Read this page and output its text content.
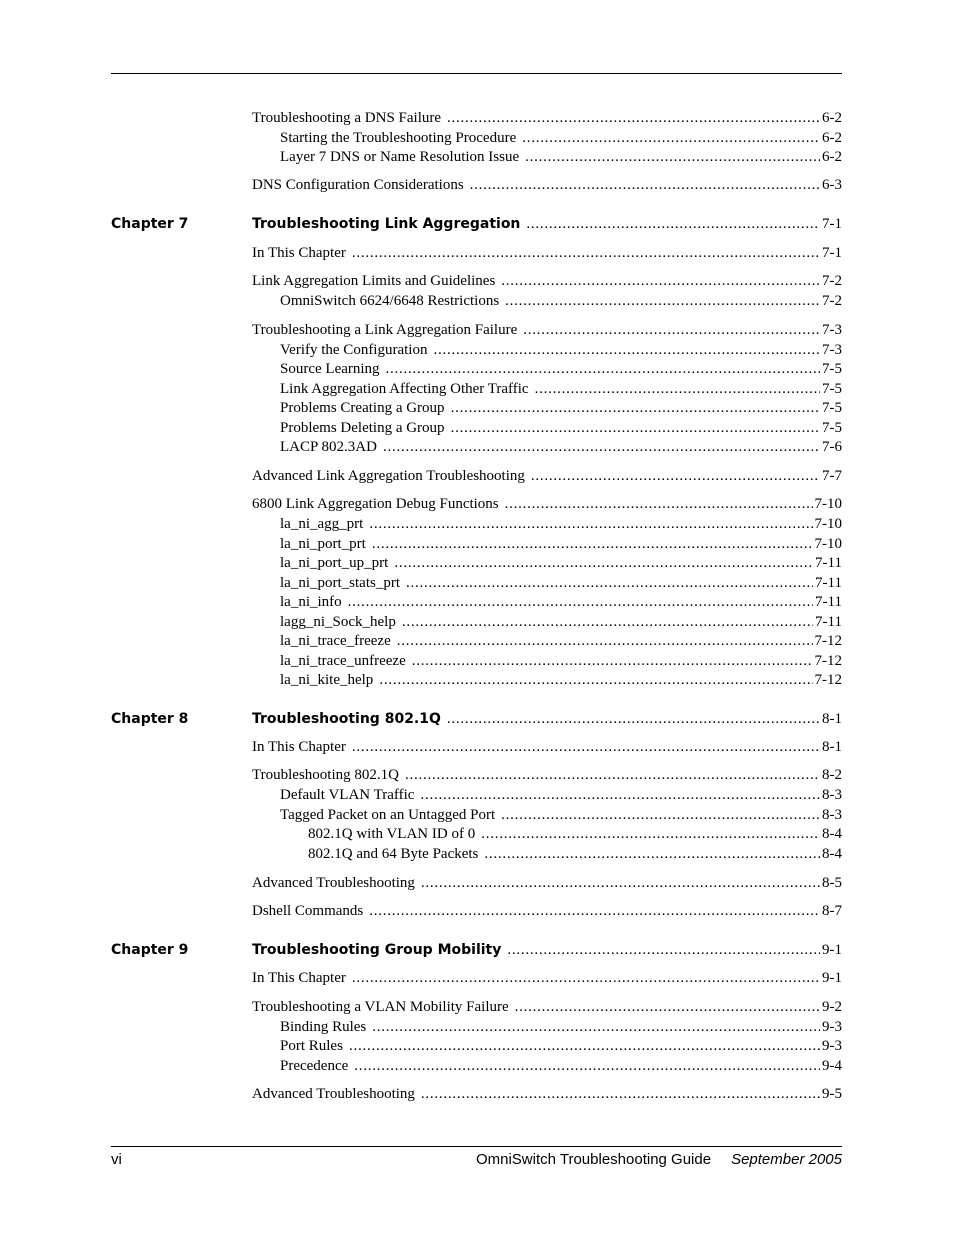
Troubleshooting a DNS Failure . . .	6-2
Starting the Troubleshooting Procedure . . .	6-2
Layer 7 DNS or Name Resolution Issue . . .	6-2
DNS Configuration Considerations . . .	6-3
Chapter 7	Troubleshooting Link Aggregation . . .	7-1
In This Chapter . . .	7-1
Link Aggregation Limits and Guidelines . . .	7-2
OmniSwitch 6624/6648 Restrictions . . .	7-2
Troubleshooting a Link Aggregation Failure . . .	7-3
Verify the Configuration . . .	7-3
Source Learning . . .	7-5
Link Aggregation Affecting Other Traffic . . .	7-5
Problems Creating a Group . . .	7-5
Problems Deleting a Group . . .	7-5
LACP 802.3AD . . .	7-6
Advanced Link Aggregation Troubleshooting . . .	7-7
6800 Link Aggregation Debug Functions . . .	7-10
la_ni_agg_prt . . .	7-10
la_ni_port_prt . . .	7-10
la_ni_port_up_prt . . .	7-11
la_ni_port_stats_prt . . .	7-11
la_ni_info . . .	7-11
lagg_ni_Sock_help . . .	7-11
la_ni_trace_freeze . . .	7-12
la_ni_trace_unfreeze . . .	7-12
la_ni_kite_help . . .	7-12
Chapter 8	Troubleshooting 802.1Q . . .	8-1
In This Chapter . . .	8-1
Troubleshooting 802.1Q . . .	8-2
Default VLAN Traffic . . .	8-3
Tagged Packet on an Untagged Port . . .	8-3
802.1Q with VLAN ID of 0 . . .	8-4
802.1Q and 64 Byte Packets . . .	8-4
Advanced Troubleshooting . . .	8-5
Dshell Commands . . .	8-7
Chapter 9	Troubleshooting Group Mobility . . .	9-1
In This Chapter . . .	9-1
Troubleshooting a VLAN Mobility Failure . . .	9-2
Binding Rules . . .	9-3
Port Rules . . .	9-3
Precedence . . .	9-4
Advanced Troubleshooting . . .	9-5
vi	OmniSwitch Troubleshooting Guide September 2005
